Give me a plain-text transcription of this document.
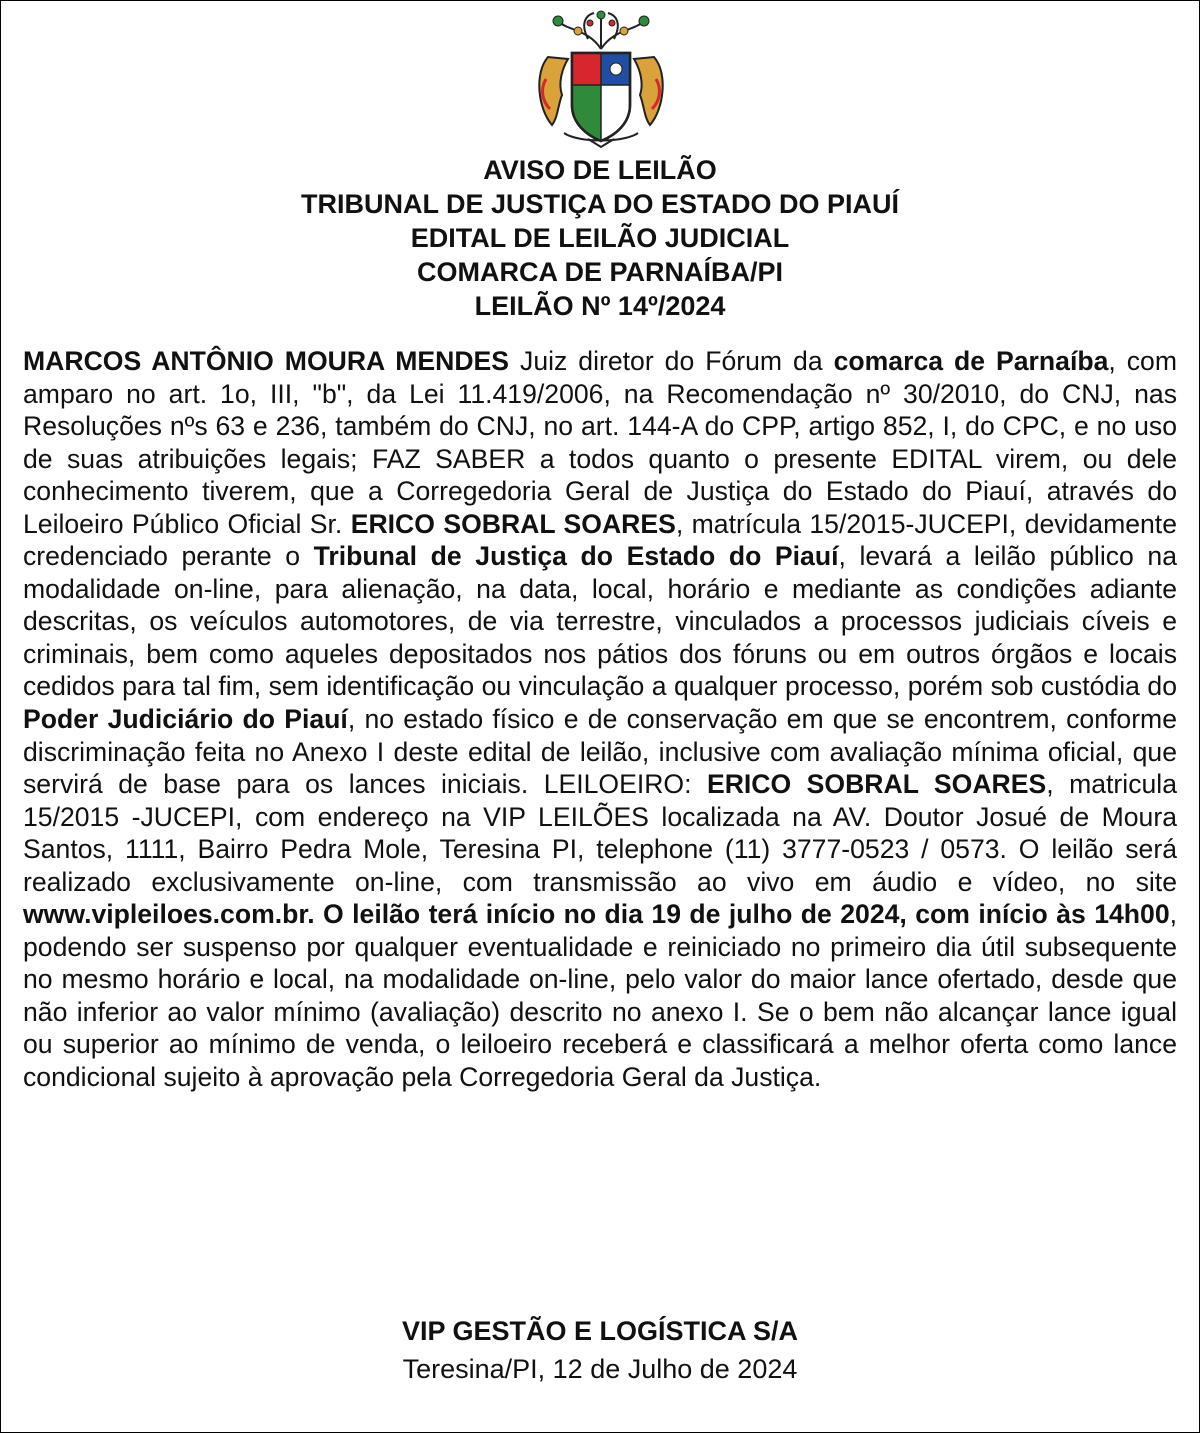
AVISO DE LEILÃO
TRIBUNAL DE JUSTIÇA DO ESTADO DO PIAUÍ
EDITAL DE LEILÃO JUDICIAL
COMARCA DE PARNAÍBA/PI
LEILÃO Nº 14º/2024

MARCOS ANTÔNIO MOURA MENDES Juiz diretor do Fórum da comarca de Parnaíba, com amparo no art. 1o, III, "b", da Lei 11.419/2006, na Recomendação nº 30/2010, do CNJ, nas Resoluções nºs 63 e 236, também do CNJ, no art. 144-A do CPP, artigo 852, I, do CPC, e no uso de suas atribuições legais; FAZ SABER a todos quanto o presente EDITAL virem, ou dele conhecimento tiverem, que a Corregedoria Geral de Justiça do Estado do Piauí, através do Leiloeiro Público Oficial Sr. ERICO SOBRAL SOARES, matrícula 15/2015-JUCEPI, devidamente credenciado perante o Tribunal de Justiça do Estado do Piauí, levará a leilão público na modalidade on-line, para alienação, na data, local, horário e mediante as condições adiante descritas, os veículos automotores, de via terrestre, vinculados a processos judiciais cíveis e criminais, bem como aqueles depositados nos pátios dos fóruns ou em outros órgãos e locais cedidos para tal fim, sem identificação ou vinculação a qualquer processo, porém sob custódia do Poder Judiciário do Piauí, no estado físico e de conservação em que se encontrem, conforme discriminação feita no Anexo I deste edital de leilão, inclusive com avaliação mínima oficial, que servirá de base para os lances iniciais. LEILOEIRO: ERICO SOBRAL SOARES, matricula 15/2015 -JUCEPI, com endereço na VIP LEILÕES localizada na AV. Doutor Josué de Moura Santos, 1111, Bairro Pedra Mole, Teresina PI, telephone (11) 3777-0523 / 0573. O leilão será realizado exclusivamente on-line, com transmissão ao vivo em áudio e vídeo, no site www.vipleiloes.com.br. O leilão terá início no dia 19 de julho de 2024, com início às 14h00, podendo ser suspenso por qualquer eventualidade e reiniciado no primeiro dia útil subsequente no mesmo horário e local, na modalidade on-line, pelo valor do maior lance ofertado, desde que não inferior ao valor mínimo (avaliação) descrito no anexo I. Se o bem não alcançar lance igual ou superior ao mínimo de venda, o leiloeiro receberá e classificará a melhor oferta como lance condicional sujeito à aprovação pela Corregedoria Geral da Justiça.

VIP GESTÃO E LOGÍSTICA S/A
Teresina/PI, 12 de Julho de 2024
